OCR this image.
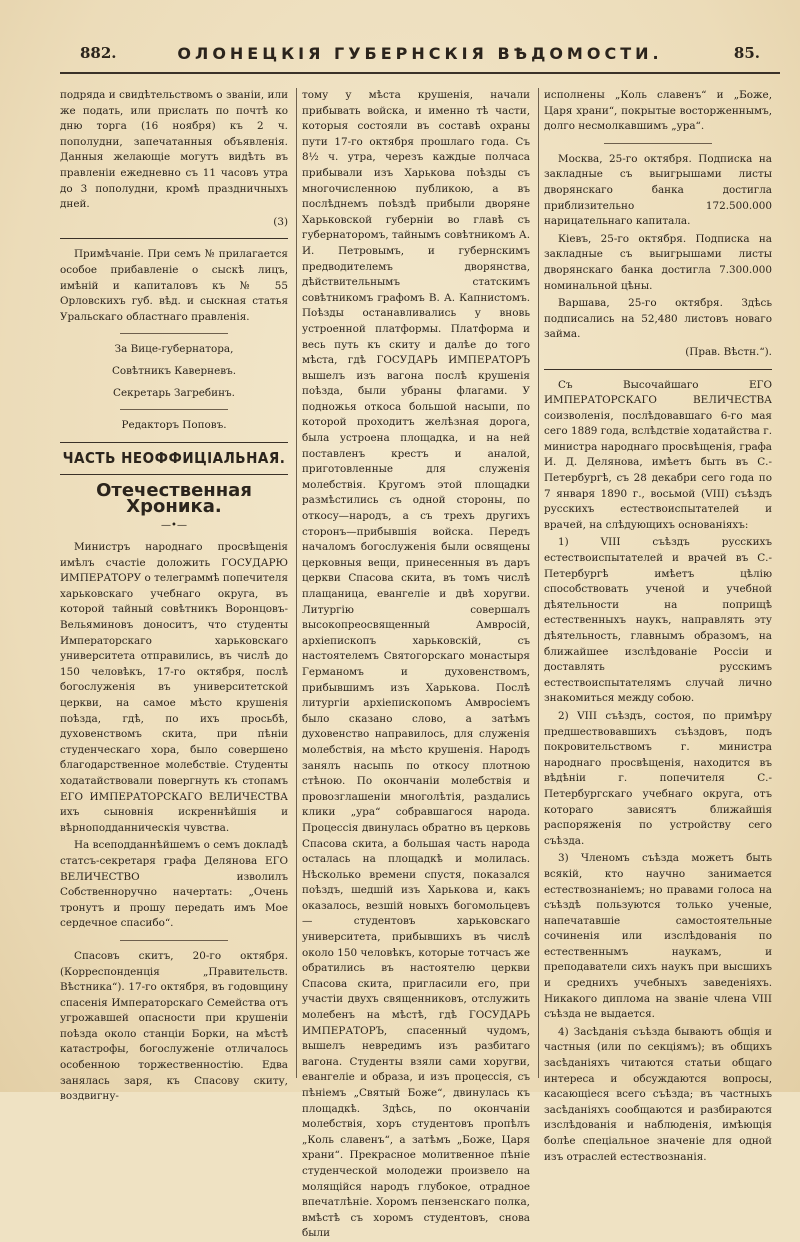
882.	ОЛОНЕЦКІЯ ГУБЕРНСКІЯ ВѢДОМОСТИ.	85.

подряда и свидѣтельствомъ о званіи, или же подать, или прислать по почтѣ ко дню торга (16 ноября) къ 2 ч. пополудни, запечатанныя объявленія. Данныя желающіе могутъ видѣть въ правленіи ежедневно съ 11 часовъ утра до 3 пополудни, кромѣ праздничныхъ дней.

(3)

Примѣчаніе. При семъ № прилагается особое прибавленіе о сыскѣ лицъ, имѣній и капиталовъ къ № 55 Орловскихъ губ. вѣд. и сыскная статья Уральскаго областнаго правленія.

За Вице-губернатора,

Совѣтникъ Каверневъ.

Секретарь Загребинъ.

Редакторъ Поповъ.

ЧАСТЬ НЕОФФИЦІАЛЬНАЯ.
Отечественная Хроника.
—•—

Министръ народнаго просвѣщенія имѣлъ счастіе доложить ГОСУДАРЮ ИМПЕРАТОРУ о телеграммѣ попечителя харьковскаго учебнаго округа, въ которой тайный совѣтникъ Воронцовъ-Вельяминовъ доноситъ, что студенты Императорскаго харьковскаго университета отправились, въ числѣ до 150 человѣкъ, 17-го октября, послѣ богослуженія въ университетской церкви, на самое мѣсто крушенія поѣзда, гдѣ, по ихъ просьбѣ, духовенствомъ скита, при пѣніи студенческаго хора, было совершено благодарственное молебствіе. Студенты ходатайствовали повергнуть къ стопамъ ЕГО ИМПЕРАТОРСКАГО ВЕЛИЧЕСТВА ихъ сыновнія искреннѣйшія и вѣрноподданническія чувства.

На всеподданнѣйшемъ о семъ докладѣ статсъ-секретаря графа Делянова ЕГО ВЕЛИЧЕСТВО изволилъ Собственноручно начертать: „Очень тронутъ и прошу передать имъ Мое сердечное спасибо“.

Спасовъ скитъ, 20-го октября. (Корреспонденція „Правительств. Вѣстника“). 17-го октября, въ годовщину спасенія Императорскаго Семейства отъ угрожавшей опасности при крушеніи поѣзда около станціи Борки, на мѣстѣ катастрофы, богослуженіе отличалось особенною торжественностію. Едва занялась заря, къ Спасову скиту, воздвигну-

тому у мѣста крушенія, начали прибывать войска, и именно тѣ части, которыя состояли въ составѣ охраны пути 17-го октября прошлаго года. Съ 8½ ч. утра, черезъ каждые полчаса прибывали изъ Харькова поѣзды съ многочисленною публикою, а въ послѣднемъ поѣздѣ прибыли дворяне Харьковской губерніи во главѣ съ губернаторомъ, тайнымъ совѣтникомъ А. И. Петровымъ, и губернскимъ предводителемъ дворянства, дѣйствительнымъ статскимъ совѣтникомъ графомъ В. А. Капнистомъ. Поѣзды останавливались у вновь устроенной платформы. Платформа и весь путь къ скиту и далѣе до того мѣста, гдѣ ГОСУДАРЬ ИМПЕРАТОРЪ вышелъ изъ вагона послѣ крушенія поѣзда, были убраны флагами. У подножья откоса большой насыпи, по которой проходитъ желѣзная дорога, была устроена площадка, и на ней поставленъ крестъ и аналой, приготовленные для служенія молебствія. Кругомъ этой площадки размѣстились съ одной стороны, по откосу—народъ, а съ трехъ другихъ сторонъ—прибывшія войска. Передъ началомъ богослуженія были освящены церковныя вещи, принесенныя въ даръ церкви Спасова скита, въ томъ числѣ плащаница, евангеліе и двѣ хоругви. Литургію совершалъ высокопреосвященный Амвросій, архіепископъ харьковскій, съ настоятелемъ Святогорскаго монастыря Германомъ и духовенствомъ, прибывшимъ изъ Харькова. Послѣ литургіи архіепископомъ Амвросіемъ было сказано слово, а затѣмъ духовенство направилось, для служенія молебствія, на мѣсто крушенія. Народъ занялъ насыпь по откосу плотною стѣною. По окончаніи молебствія и провозглашеніи многолѣтія, раздались клики „ура“ собравшагося народа. Процессія двинулась обратно въ церковь Спасова скита, а большая часть народа осталась на площадкѣ и молилась. Нѣсколько времени спустя, показался поѣздъ, шедшій изъ Харькова и, какъ оказалось, везшій новыхъ богомольцевъ — студентовъ харьковскаго университета, прибывшихъ въ числѣ около 150 человѣкъ, которые тотчасъ же обратились въ настоятелю церкви Спасова скита, пригласили его, при участіи двухъ священниковъ, отслужить молебенъ на мѣстѣ, гдѣ ГОСУДАРЬ ИМПЕРАТОРЪ, спасенный чудомъ, вышелъ невредимъ изъ разбитаго вагона. Студенты взяли сами хоругви, евангеліе и образа, и изъ процессія, съ пѣніемъ „Святый Боже“, двинулась къ площадкѣ. Здѣсь, по окончаніи молебствія, хоръ студентовъ пропѣлъ „Коль славенъ“, а затѣмъ „Боже, Царя храни“. Прекрасное молитвенное пѣніе студенческой молодежи произвело на молящійся народъ глубокое, отрадное впечатлѣніе. Хоромъ пензенскаго полка, вмѣстѣ съ хоромъ студентовъ, снова были

исполнены „Коль славенъ“ и „Боже, Царя храни“, покрытые восторженнымъ, долго несмолкавшимъ „ура“.

Москва, 25-го октября. Подписка на закладные съ выигрышами листы дворянскаго банка достигла приблизительно 172.500.000 нарицательнаго капитала.

Кіевъ, 25-го октября. Подписка на закладные съ выигрышами листы дворянскаго банка достигла 7.300.000 номинальной цѣны.

Варшава, 25-го октября. Здѣсь подписались на 52,480 листовъ новаго займа.

(Прав. Вѣстн.“).

Съ Высочайшаго ЕГО ИМПЕРАТОРСКАГО ВЕЛИЧЕСТВА соизволенія, послѣдовавшаго 6-го мая сего 1889 года, вслѣдствіе ходатайства г. министра народнаго просвѣщенія, графа И. Д. Делянова, имѣетъ быть въ С.-Петербургѣ, съ 28 декабри сего года по 7 января 1890 г., восьмой (VIII) съѣздъ русскихъ естествоиспытателей и врачей, на слѣдующихъ основаніяхъ:

1) VIII съѣздъ русскихъ естествоиспытателей и врачей въ С.-Петербургѣ имѣетъ цѣлію способствовать ученой и учебной дѣятельности на поприщѣ естественныхъ наукъ, направлять эту дѣятельность, главнымъ образомъ, на ближайшее изслѣдованіе Россіи и доставлять русскимъ естествоиспытателямъ случай лично знакомиться между собою.

2) VIII съѣздъ, состоя, по примѣру предшествовавшихъ съѣздовъ, подъ покровительствомъ г. министра народнаго просвѣщенія, находится въ вѣдѣніи г. попечителя С.-Петербургскаго учебнаго округа, отъ котораго зависятъ ближайшія распоряженія по устройству сего съѣзда.

3) Членомъ съѣзда можетъ быть всякій, кто научно занимается естествознаніемъ; но правами голоса на съѣздѣ пользуются только ученые, напечатавшіе самостоятельные сочиненія или изслѣдованія по естественнымъ наукамъ, и преподаватели сихъ наукъ при высшихъ и среднихъ учебныхъ заведеніяхъ. Никакого диплома на званіе члена VIII съѣзда не выдается.

4) Засѣданія съѣзда бываютъ общія и частныя (или по секціямъ); въ общихъ засѣданіяхъ читаются статьи общаго интереса и обсуждаются вопросы, касающіеся всего съѣзда; въ частныхъ засѣданіяхъ сообщаются и разбираются изслѣдованія и наблюденія, имѣющія болѣе спеціальное значеніе для одной изъ отраслей естествознанія.
